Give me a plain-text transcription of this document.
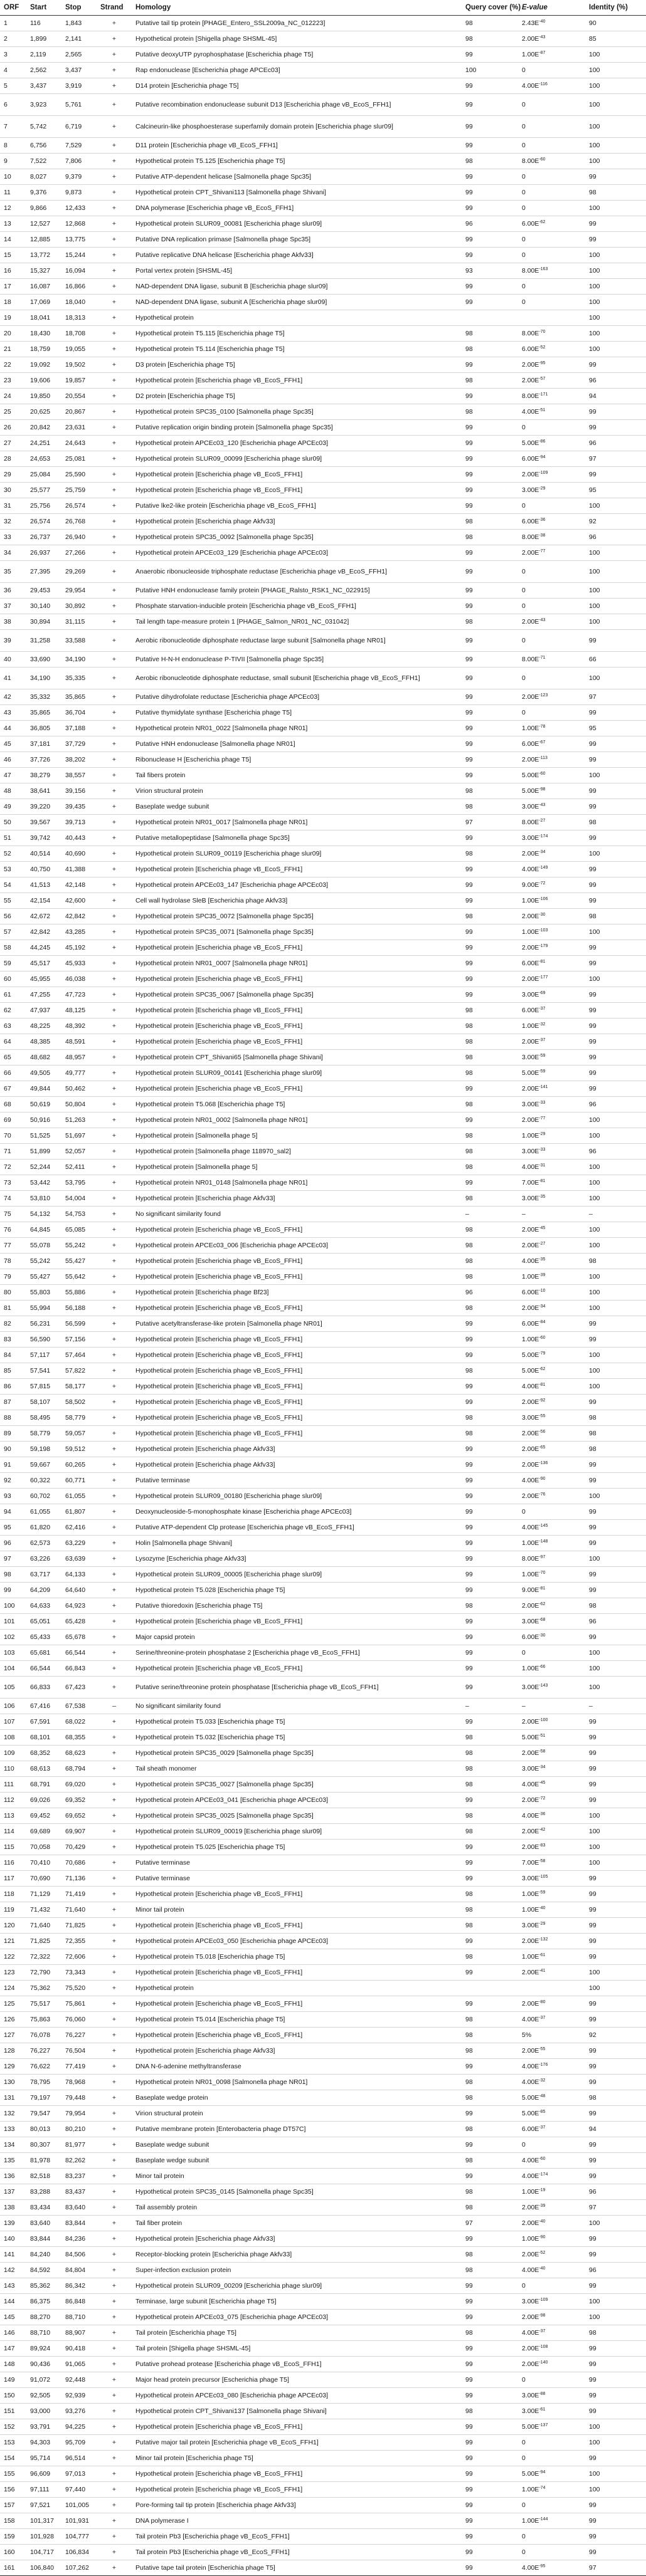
ORF	Start	Stop	Strand	Homology	Query cover (%)	E-value	Identity (%)
1	116	1,843	+	Putative tail tip protein [PHAGE_Entero_SSL2009a_NC_012223]	98	$2.43E^{-40}$	90
2	1,899	2,141	+	Hypothetical protein [Shigella phage SHSML-45]	98	$2.00E^{-43}$	85
3	2,119	2,565	+	Putative deoxyUTP pyrophosphatase [Escherichia phage T5]	99	$1.00E^{-87}$	100
4	2,562	3,437	+	Rap endonuclease [Escherichia phage APCEc03]	100	0	100
5	3,437	3,919	+	D14 protein [Escherichia phage T5]	99	$4.00E^{-116}$	100
6	3,923	5,761	+	Putative recombination endonuclease subunit D13 [Escherichia phage vB_EcoS_FFH1]	99	0	100
7	5,742	6,719	+	Calcineurin-like phosphoesterase superfamily domain protein [Escherichia phage slur09]	99	0	100
8	6,756	7,529	+	D11 protein [Escherichia phage vB_EcoS_FFH1]	99	0	100
9	7,522	7,806	+	Hypothetical protein T5.125 [Escherichia phage T5]	98	$8.00E^{-60}$	100
10	8,027	9,379	+	Putative ATP-dependent helicase [Salmonella phage Spc35]	99	0	99
11	9,376	9,873	+	Hypothetical protein CPT_Shivani113 [Salmonella phage Shivani]	99	0	98
12	9,866	12,433	+	DNA polymerase [Escherichia phage vB_EcoS_FFH1]	99	0	100
13	12,527	12,868	+	Hypothetical protein SLUR09_00081 [Escherichia phage slur09]	96	$6.00E^{-62}$	99
14	12,885	13,775	+	Putative DNA replication primase [Salmonella phage Spc35]	99	0	99
15	13,772	15,244	+	Putative replicative DNA helicase [Escherichia phage Akfv33]	99	0	100
16	15,327	16,094	+	Portal vertex protein [SHSML-45]	93	$8.00E^{-163}$	100
17	16,087	16,866	+	NAD-dependent DNA ligase, subunit B [Escherichia phage slur09]	99	0	100
18	17,069	18,040	+	NAD-dependent DNA ligase, subunit A [Escherichia phage slur09]	99	0	100
19	18,041	18,313	+	Hypothetical protein			100
20	18,430	18,708	+	Hypothetical protein T5.115 [Escherichia phage T5]	98	$8.00E^{-70}$	100
21	18,759	19,055	+	Hypothetical protein T5.114 [Escherichia phage T5]	98	$6.00E^{-52}$	100
22	19,092	19,502	+	D3 protein [Escherichia phage T5]	99	$2.00E^{-95}$	99
23	19,606	19,857	+	Hypothetical protein [Escherichia phage vB_EcoS_FFH1]	98	$2.00E^{-57}$	96
24	19,850	20,554	+	D2 protein [Escherichia phage T5]	99	$8.00E^{-171}$	94
25	20,625	20,867	+	Hypothetical protein SPC35_0100 [Salmonella phage Spc35]	98	$4.00E^{-51}$	99
26	20,842	23,631	+	Putative replication origin binding protein [Salmonella phage Spc35]	99	0	99
27	24,251	24,643	+	Hypothetical protein APCEc03_120 [Escherichia phage APCEc03]	99	$5.00E^{-86}$	96
28	24,653	25,081	+	Hypothetical protein SLUR09_00099 [Escherichia phage slur09]	99	$6.00E^{-94}$	97
29	25,084	25,590	+	Hypothetical protein [Escherichia phage vB_EcoS_FFH1]	99	$2.00E^{-109}$	99
30	25,577	25,759	+	Hypothetical protein [Escherichia phage vB_EcoS_FFH1]	99	$3.00E^{-29}$	95
31	25,756	26,574	+	Putative lke2-like protein [Escherichia phage vB_EcoS_FFH1]	99	0	100
32	26,574	26,768	+	Hypothetical protein [Escherichia phage Akfv33]	98	$6.00E^{-36}$	92
33	26,737	26,940	+	Hypothetical protein SPC35_0092 [Salmonella phage Spc35]	98	$8.00E^{-38}$	96
34	26,937	27,266	+	Hypothetical protein APCEc03_129 [Escherichia phage APCEc03]	99	$2.00E^{-77}$	100
35	27,395	29,269	+	Anaerobic ribonucleoside triphosphate reductase [Escherichia phage vB_EcoS_FFH1]	99	0	100
36	29,453	29,954	+	Putative HNH endonuclease family protein [PHAGE_Ralsto_RSK1_NC_022915]	99	0	100
37	30,140	30,892	+	Phosphate starvation-inducible protein [Escherichia phage vB_EcoS_FFH1]	99	0	100
38	30,894	31,115	+	Tail length tape-measure protein 1 [PHAGE_Salmon_NR01_NC_031042]	98	$2.00E^{-43}$	100
39	31,258	33,588	+	Aerobic ribonucleotide diphosphate reductase large subunit [Salmonella phage NR01]	99	0	99
40	33,690	34,190	+	Putative H-N-H endonuclease P-TIVII [Salmonella phage Spc35]	99	$8.00E^{-71}$	66
41	34,190	35,335	+	Aerobic ribonucleotide diphosphate reductase, small subunit [Escherichia phage vB_EcoS_FFH1]	99	0	100
42	35,332	35,865	+	Putative dihydrofolate reductase [Escherichia phage APCEc03]	99	$2.00E^{-123}$	97
43	35,865	36,704	+	Putative thymidylate synthase [Escherichia phage T5]	99	0	99
44	36,805	37,188	+	Hypothetical protein NR01_0022 [Salmonella phage NR01]	99	$1.00E^{-78}$	95
45	37,181	37,729	+	Putative HNH endonuclease [Salmonella phage NR01]	99	$6.00E^{-67}$	99
46	37,726	38,202	+	Ribonuclease H [Escherichia phage T5]	99	$2.00E^{-113}$	99
47	38,279	38,557	+	Tail fibers protein	99	$5.00E^{-60}$	100
48	38,641	39,156	+	Virion structural protein	98	$5.00E^{-98}$	99
49	39,220	39,435	+	Baseplate wedge subunit	98	$3.00E^{-43}$	99
50	39,567	39,713	+	Hypothetical protein NR01_0017 [Salmonella phage NR01]	97	$8.00E^{-27}$	98
51	39,742	40,443	+	Putative metallopeptidase [Salmonella phage Spc35]	99	$3.00E^{-174}$	99
52	40,514	40,690	+	Hypothetical protein SLUR09_00119 [Escherichia phage slur09]	98	$2.00E^{-34}$	100
53	40,750	41,388	+	Hypothetical protein [Escherichia phage vB_EcoS_FFH1]	99	$4.00E^{-149}$	99
54	41,513	42,148	+	Hypothetical protein APCEc03_147 [Escherichia phage APCEc03]	99	$9.00E^{-72}$	99
55	42,154	42,600	+	Cell wall hydrolase SleB [Escherichia phage Akfv33]	99	$1.00E^{-106}$	99
56	42,672	42,842	+	Hypothetical protein SPC35_0072 [Salmonella phage Spc35]	98	$2.00E^{-30}$	98
57	42,842	43,285	+	Hypothetical protein SPC35_0071 [Salmonella phage Spc35]	99	$1.00E^{-103}$	100
58	44,245	45,192	+	Hypothetical protein [Escherichia phage vB_EcoS_FFH1]	99	$2.00E^{-179}$	99
59	45,517	45,933	+	Hypothetical protein NR01_0007 [Salmonella phage NR01]	99	$6.00E^{-81}$	99
60	45,955	46,038	+	Hypothetical protein [Escherichia phage vB_EcoS_FFH1]	99	$2.00E^{-177}$	100
61	47,255	47,723	+	Hypothetical protein SPC35_0067 [Salmonella phage Spc35]	99	$3.00E^{-69}$	99
62	47,937	48,125	+	Hypothetical protein [Escherichia phage vB_EcoS_FFH1]	98	$6.00E^{-37}$	99
63	48,225	48,392	+	Hypothetical protein [Escherichia phage vB_EcoS_FFH1]	98	$1.00E^{-32}$	99
64	48,385	48,591	+	Hypothetical protein [Escherichia phage vB_EcoS_FFH1]	98	$2.00E^{-37}$	99
65	48,682	48,957	+	Hypothetical protein CPT_Shivani65 [Salmonella phage Shivani]	98	$3.00E^{-59}$	99
66	49,505	49,777	+	Hypothetical protein SLUR09_00141 [Escherichia phage slur09]	98	$5.00E^{-59}$	99
67	49,844	50,462	+	Hypothetical protein [Escherichia phage vB_EcoS_FFH1]	99	$2.00E^{-141}$	99
68	50,619	50,804	+	Hypothetical protein T5.068 [Escherichia phage T5]	98	$3.00E^{-33}$	96
69	50,916	51,263	+	Hypothetical protein NR01_0002 [Salmonella phage NR01]	99	$2.00E^{-77}$	100
70	51,525	51,697	+	Hypothetical protein [Salmonella phage 5]	98	$1.00E^{-29}$	100
71	51,899	52,057	+	Hypothetical protein [Salmonella phage 118970_sal2]	98	$3.00E^{-33}$	96
72	52,244	52,411	+	Hypothetical protein [Salmonella phage 5]	98	$4.00E^{-31}$	100
73	53,442	53,795	+	Hypothetical protein NR01_0148 [Salmonella phage NR01]	99	$7.00E^{-81}$	100
74	53,810	54,004	+	Hypothetical protein [Escherichia phage Akfv33]	98	$3.00E^{-35}$	100
75	54,132	54,753	+	No significant similarity found	–	–	–
76	64,845	65,085	+	Hypothetical protein [Escherichia phage vB_EcoS_FFH1]	98	$2.00E^{-45}$	100
77	55,078	55,242	+	Hypothetical protein APCEc03_006 [Escherichia phage APCEc03]	98	$2.00E^{-27}$	100
78	55,242	55,427	+	Hypothetical protein [Escherichia phage vB_EcoS_FFH1]	98	$4.00E^{-35}$	98
79	55,427	55,642	+	Hypothetical protein [Escherichia phage vB_EcoS_FFH1]	98	$1.00E^{-39}$	100
80	55,803	55,886	+	Hypothetical protein [Escherichia phage Bf23]	96	$6.00E^{-10}$	100
81	55,994	56,188	+	Hypothetical protein [Escherichia phage vB_EcoS_FFH1]	98	$2.00E^{-34}$	100
82	56,231	56,599	+	Putative acetyltransferase-like protein [Salmonella phage NR01]	99	$6.00E^{-84}$	99
83	56,590	57,156	+	Hypothetical protein [Escherichia phage vB_EcoS_FFH1]	99	$1.00E^{-60}$	99
84	57,117	57,464	+	Hypothetical protein [Escherichia phage vB_EcoS_FFH1]	99	$5.00E^{-79}$	100
85	57,541	57,822	+	Hypothetical protein [Escherichia phage vB_EcoS_FFH1]	98	$5.00E^{-62}$	100
86	57,815	58,177	+	Hypothetical protein [Escherichia phage vB_EcoS_FFH1]	99	$4.00E^{-81}$	100
87	58,107	58,502	+	Hypothetical protein [Escherichia phage vB_EcoS_FFH1]	99	$2.00E^{-92}$	99
88	58,495	58,779	+	Hypothetical protein [Escherichia phage vB_EcoS_FFH1]	98	$3.00E^{-55}$	98
89	58,779	59,057	+	Hypothetical protein [Escherichia phage vB_EcoS_FFH1]	98	$2.00E^{-56}$	98
90	59,198	59,512	+	Hypothetical protein [Escherichia phage Akfv33]	99	$2.00E^{-65}$	98
91	59,667	60,265	+	Hypothetical protein [Escherichia phage Akfv33]	99	$2.00E^{-136}$	99
92	60,322	60,771	+	Putative terminase	99	$4.00E^{-90}$	99
93	60,702	61,055	+	Hypothetical protein SLUR09_00180 [Escherichia phage slur09]	99	$2.00E^{-76}$	100
94	61,055	61,807	+	Deoxynucleoside-5-monophosphate kinase [Escherichia phage APCEc03]	99	0	99
95	61,820	62,416	+	Putative ATP-dependent Clp protease [Escherichia phage vB_EcoS_FFH1]	99	$4.00E^{-145}$	99
96	62,573	63,229	+	Holin [Salmonella phage Shivani]	99	$1.00E^{-148}$	99
97	63,226	63,639	+	Lysozyme [Escherichia phage Akfv33]	99	$8.00E^{-97}$	100
98	63,717	64,133	+	Hypothetical protein SLUR09_00005 [Escherichia phage slur09]	99	$1.00E^{-70}$	99
99	64,209	64,640	+	Hypothetical protein T5.028 [Escherichia phage T5]	99	$9.00E^{-81}$	99
100	64,633	64,923	+	Putative thioredoxin [Escherichia phage T5]	98	$2.00E^{-62}$	98
101	65,051	65,428	+	Hypothetical protein [Escherichia phage vB_EcoS_FFH1]	99	$3.00E^{-68}$	96
102	65,433	65,678	+	Major capsid protein	99	$6.00E^{-30}$	99
103	65,681	66,544	+	Serine/threonine-protein phosphatase 2 [Escherichia phage vB_EcoS_FFH1]	99	0	100
104	66,544	66,843	+	Hypothetical protein [Escherichia phage vB_EcoS_FFH1]	99	$1.00E^{-66}$	100
105	66,833	67,423	+	Putative serine/threonine protein phosphatase [Escherichia phage vB_EcoS_FFH1]	99	$3.00E^{-143}$	100
106	67,416	67,538	–	No significant similarity found	–	–	–
107	67,591	68,022	+	Hypothetical protein T5.033 [Escherichia phage T5]	99	$2.00E^{-100}$	99
108	68,101	68,355	+	Hypothetical protein T5.032 [Escherichia phage T5]	98	$5.00E^{-51}$	99
109	68,352	68,623	+	Hypothetical protein SPC35_0029 [Salmonella phage Spc35]	98	$2.00E^{-58}$	99
110	68,613	68,794	+	Tail sheath monomer	98	$3.00E^{-34}$	99
111	68,791	69,020	+	Hypothetical protein SPC35_0027 [Salmonella phage Spc35]	98	$4.00E^{-45}$	99
112	69,026	69,352	+	Hypothetical protein APCEc03_041 [Escherichia phage APCEc03]	99	$2.00E^{-72}$	99
113	69,452	69,652	+	Hypothetical protein SPC35_0025 [Salmonella phage Spc35]	98	$4.00E^{-36}$	100
114	69,689	69,907	+	Hypothetical protein SLUR09_00019 [Escherichia phage slur09]	98	$2.00E^{-42}$	100
115	70,058	70,429	+	Hypothetical protein T5.025 [Escherichia phage T5]	99	$2.00E^{-83}$	100
116	70,410	70,686	+	Putative terminase	99	$7.00E^{-58}$	100
117	70,690	71,136	+	Putative terminase	99	$3.00E^{-105}$	99
118	71,129	71,419	+	Hypothetical protein [Escherichia phage vB_EcoS_FFH1]	98	$1.00E^{-59}$	99
119	71,432	71,640	+	Minor tail protein	98	$1.00E^{-40}$	99
120	71,640	71,825	+	Hypothetical protein [Escherichia phage vB_EcoS_FFH1]	98	$3.00E^{-29}$	99
121	71,825	72,355	+	Hypothetical protein APCEc03_050 [Escherichia phage APCEc03]	99	$2.00E^{-132}$	99
122	72,322	72,606	+	Hypothetical protein T5.018 [Escherichia phage T5]	98	$1.00E^{-61}$	99
123	72,790	73,343	+	Hypothetical protein [Escherichia phage vB_EcoS_FFH1]	99	$2.00E^{-41}$	100
124	75,362	75,520	+	Hypothetical protein			100
125	75,517	75,861	+	Hypothetical protein [Escherichia phage vB_EcoS_FFH1]	99	$2.00E^{-80}$	99
126	75,863	76,060	+	Hypothetical protein T5.014 [Escherichia phage T5]	98	$4.00E^{-37}$	99
127	76,078	76,227	+	Hypothetical protein [Escherichia phage vB_EcoS_FFH1]	98	5%	92
128	76,227	76,504	+	Hypothetical protein [Escherichia phage Akfv33]	98	$2.00E^{-55}$	99
129	76,622	77,419	+	DNA N-6-adenine methyltransferase	99	$4.00E^{-176}$	99
130	78,795	78,968	+	Hypothetical protein NR01_0098 [Salmonella phage NR01]	98	$4.00E^{-32}$	99
131	79,197	79,448	+	Baseplate wedge protein	98	$5.00E^{-48}$	98
132	79,547	79,954	+	Virion structural protein	99	$5.00E^{-85}$	99
133	80,013	80,210	+	Putative membrane protein [Enterobacteria phage DT57C]	98	$6.00E^{-37}$	94
134	80,307	81,977	+	Baseplate wedge subunit	99	0	99
135	81,978	82,262	+	Baseplate wedge subunit	98	$4.00E^{-60}$	99
136	82,518	83,237	+	Minor tail protein	99	$4.00E^{-174}$	99
137	83,288	83,437	+	Hypothetical protein SPC35_0145 [Salmonella phage Spc35]	98	$1.00E^{-19}$	96
138	83,434	83,640	+	Tail assembly protein	98	$2.00E^{-39}$	97
139	83,640	83,844	+	Tail fiber protein	97	$2.00E^{-40}$	100
140	83,844	84,236	+	Hypothetical protein [Escherichia phage Akfv33]	99	$1.00E^{-90}$	99
141	84,240	84,506	+	Receptor-blocking protein [Escherichia phage Akfv33]	98	$2.00E^{-52}$	99
142	84,592	84,804	+	Super-infection exclusion protein	98	$4.00E^{-40}$	96
143	85,362	86,342	+	Hypothetical protein SLUR09_00209 [Escherichia phage slur09]	99	0	99
144	86,375	86,848	+	Terminase, large subunit [Escherichia phage T5]	99	$3.00E^{-109}$	100
145	88,270	88,710	+	Hypothetical protein APCEc03_075 [Escherichia phage APCEc03]	99	$2.00E^{-98}$	100
146	88,710	88,907	+	Tail protein [Escherichia phage T5]	98	$4.00E^{-37}$	98
147	89,924	90,418	+	Tail protein [Shigella phage SHSML-45]	99	$2.00E^{-108}$	99
148	90,436	91,065	+	Putative prohead protease [Escherichia phage vB_EcoS_FFH1]	99	$2.00E^{-140}$	99
149	91,072	92,448	+	Major head protein precursor [Escherichia phage T5]	99	0	99
150	92,505	92,939	+	Hypothetical protein APCEc03_080 [Escherichia phage APCEc03]	99	$3.00E^{-88}$	99
151	93,000	93,276	+	Hypothetical protein CPT_Shivani137 [Salmonella phage Shivani]	98	$3.00E^{-61}$	99
152	93,791	94,225	+	Hypothetical protein [Escherichia phage vB_EcoS_FFH1]	99	$5.00E^{-137}$	100
153	94,303	95,709	+	Putative major tail protein [Escherichia phage vB_EcoS_FFH1]	99	0	100
154	95,714	96,514	+	Minor tail protein [Escherichia phage T5]	99	0	99
155	96,609	97,013	+	Hypothetical protein [Escherichia phage vB_EcoS_FFH1]	99	$5.00E^{-94}$	100
156	97,111	97,440	+	Hypothetical protein [Escherichia phage vB_EcoS_FFH1]	99	$1.00E^{-74}$	100
157	97,521	101,005	+	Pore-forming tail tip protein [Escherichia phage Akfv33]	99	0	99
158	101,317	101,931	+	DNA polymerase I	99	$1.00E^{-144}$	99
159	101,928	104,777	+	Tail protein Pb3 [Escherichia phage vB_EcoS_FFH1]	99	0	99
160	104,717	106,834	+	Tail protein Pb3 [Escherichia phage vB_EcoS_FFH1]	99	0	99
161	106,840	107,262	+	Putative tape tail protein [Escherichia phage T5]	99	$4.00E^{-95}$	97
